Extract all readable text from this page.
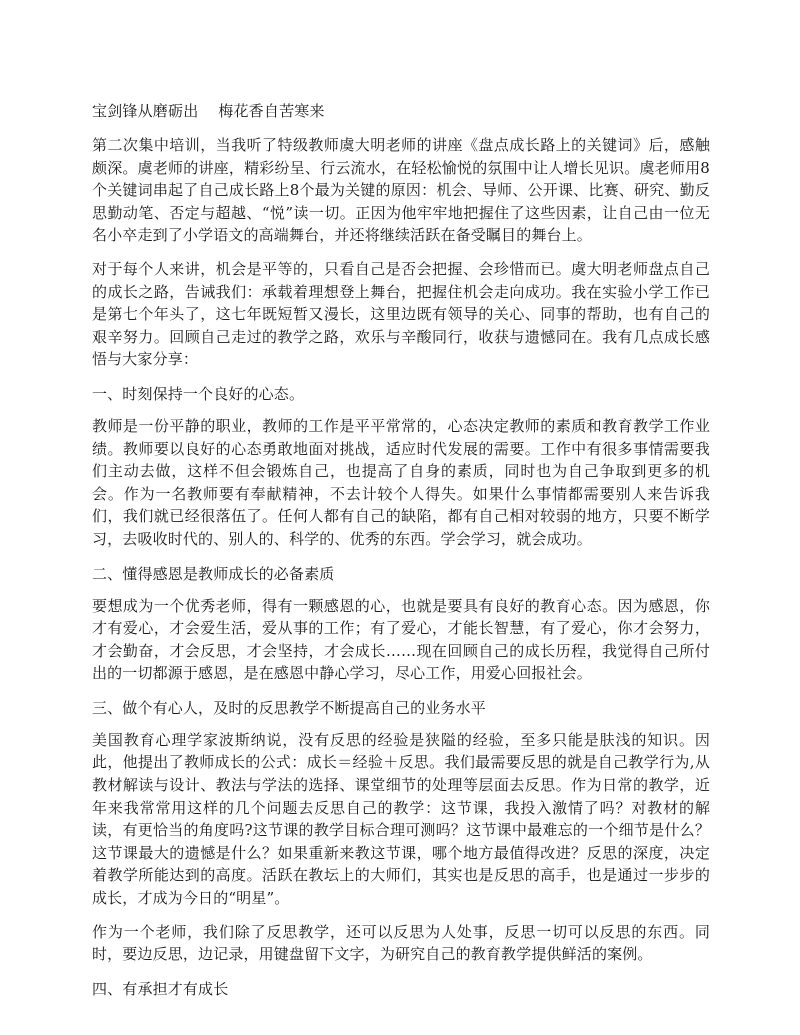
宝剑锋从磨砺出    梅花香自苦寒来
第二次集中培训，当我听了特级教师虞大明老师的讲座《盘点成长路上的关键词》后，感触颇深。虞老师的讲座，精彩纷呈、行云流水，在轻松愉悦的氛围中让人增长见识。虞老师用8个关键词串起了自己成长路上8个最为关键的原因：机会、导师、公开课、比赛、研究、勤反思勤动笔、否定与超越、“悦”读一切。正因为他牢牢地把握住了这些因素，让自己由一位无名小卒走到了小学语文的高端舞台，并还将继续活跃在备受瞩目的舞台上。
对于每个人来讲，机会是平等的，只看自己是否会把握、会珍惜而已。虞大明老师盘点自己的成长之路，告诫我们：承载着理想登上舞台，把握住机会走向成功。我在实验小学工作已是第七个年头了，这七年既短暂又漫长，这里边既有领导的关心、同事的帮助，也有自己的艰辛努力。回顾自己走过的教学之路，欢乐与辛酸同行，收获与遗憾同在。我有几点成长感悟与大家分享：
一、时刻保持一个良好的心态。
教师是一份平静的职业，教师的工作是平平常常的，心态决定教师的素质和教育教学工作业绩。教师要以良好的心态勇敢地面对挑战，适应时代发展的需要。工作中有很多事情需要我们主动去做，这样不但会锻炼自己，也提高了自身的素质，同时也为自己争取到更多的机会。作为一名教师要有奉献精神，不去计较个人得失。如果什么事情都需要别人来告诉我们，我们就已经很落伍了。任何人都有自己的缺陷，都有自己相对较弱的地方，只要不断学习，去吸收时代的、别人的、科学的、优秀的东西。学会学习，就会成功。
二、懂得感恩是教师成长的必备素质
要想成为一个优秀老师，得有一颗感恩的心，也就是要具有良好的教育心态。因为感恩，你才有爱心，才会爱生活，爱从事的工作；有了爱心，才能长智慧，有了爱心，你才会努力，才会勤奋，才会反思，才会坚持，才会成长……现在回顾自己的成长历程，我觉得自己所付出的一切都源于感恩，是在感恩中静心学习，尽心工作，用爱心回报社会。
三、做个有心人，及时的反思教学不断提高自己的业务水平
美国教育心理学家波斯纳说，没有反思的经验是狭隘的经验，至多只能是肤浅的知识。因此，他提出了教师成长的公式：成长＝经验＋反思。我们最需要反思的就是自己教学行为,从教材解读与设计、教法与学法的选择、课堂细节的处理等层面去反思。作为日常的教学，近年来我常常用这样的几个问题去反思自己的教学：这节课，我投入激情了吗？对教材的解读，有更恰当的角度吗?这节课的教学目标合理可测吗？这节课中最难忘的一个细节是什么？这节课最大的遗憾是什么？如果重新来教这节课，哪个地方最值得改进？反思的深度，决定着教学所能达到的高度。活跃在教坛上的大师们，其实也是反思的高手，也是通过一步步的成长，才成为今日的“明星”。
作为一个老师，我们除了反思教学，还可以反思为人处事，反思一切可以反思的东西。同时，要边反思，边记录，用键盘留下文字，为研究自己的教育教学提供鲜活的案例。
四、有承担才有成长
